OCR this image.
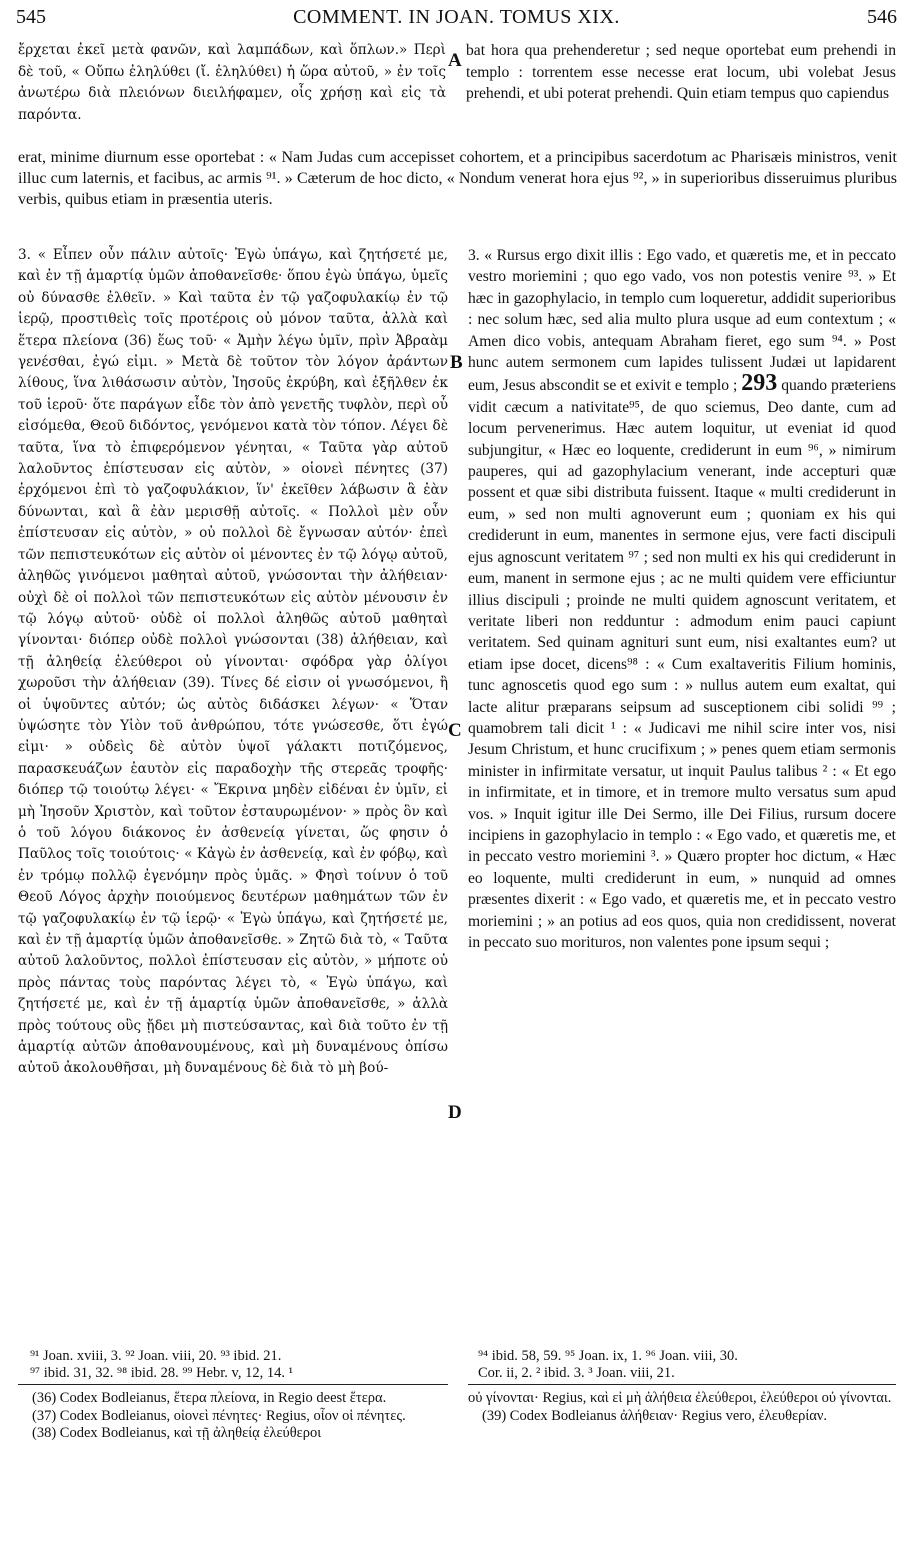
545	COMMENT. IN JOAN. TOMUS XIX.	546
ἔρχεται ἐκεῖ μετὰ φανῶν, καὶ λαμπάδων, καὶ ὅπλων.» Περὶ δὲ τοῦ, « Οὔπω ἐληλύθει (ἴ. ἐληλύθει) ἡ ὥρα αὐτοῦ, » ἐν τοῖς ἀνωτέρω διὰ πλειόνων διειλήφαμεν, οἷς χρήσῃ καὶ εἰς τὰ παρόντα.
bat hora qua prehenderetur ; sed neque oportebat eum prehendi in templo : torrentem esse necesse erat locum, ubi volebat Jesus prehendi, et ubi poterat prehendi. Quin etiam tempus quo capiendus
erat, minime diurnum esse oportebat : « Nam Judas cum accepisset cohortem, et a principibus sacerdotum ac Pharisæis ministros, venit illuc cum laternis, et facibus, ac armis ⁹¹. » Cæterum de hoc dicto, « Nondum venerat hora ejus ⁹², » in superioribus disseruimus pluribus verbis, quibus etiam in præsentia uteris.

3. « Εἶπεν οὖν πάλιν αὐτοῖς· Ἐγὼ ὑπάγω, καὶ ζητήσετέ με, καὶ ἐν τῇ ἁμαρτίᾳ ὑμῶν ἀποθανεῖσθε· ὅπου ἐγὼ ὑπάγω, ὑμεῖς οὐ δύνασθε ἐλθεῖν. » Καὶ ταῦτα ἐν τῷ γαζοφυλακίῳ ἐν τῷ ἱερῷ, προστιθεὶς τοῖς προτέροις οὐ μόνον ταῦτα, ἀλλὰ καὶ ἕτερα πλείονα (36) ἕως τοῦ· « Ἀμὴν λέγω ὑμῖν, πρὶν Ἀβραὰμ γενέσθαι, ἐγώ εἰμι. » Μετὰ δὲ τοῦτον τὸν λόγον ἀράντων λίθους, ἵνα λιθάσωσιν αὐτὸν, Ἰησοῦς ἐκρύβη, καὶ ἐξῆλθεν ἐκ τοῦ ἱεροῦ· ὅτε παράγων εἶδε τὸν ἀπὸ γενετῆς τυφλὸν, περὶ οὗ εἰσόμεθα, Θεοῦ διδόντος, γενόμενοι κατὰ τὸν τόπον. Λέγει δὲ ταῦτα, ἵνα τὸ ἐπιφερόμενον γένηται, « Ταῦτα γὰρ αὐτοῦ λαλοῦντος ἐπίστευσαν εἰς αὐτὸν, » οἱονεὶ πένητες (37) ἐρχόμενοι ἐπὶ τὸ γαζοφυλάκιον, ἵν' ἐκεῖθεν λάβωσιν ἃ ἐὰν δύνωνται, καὶ ἃ ἐὰν μερισθῇ αὐτοῖς. « Πολλοὶ μὲν οὖν ἐπίστευσαν εἰς αὐτὸν, » οὐ πολλοὶ δὲ ἔγνωσαν αὐτόν· ἐπεὶ τῶν πεπιστευκότων εἰς αὐτὸν οἱ μένοντες ἐν τῷ λόγῳ αὐτοῦ, ἀληθῶς γινόμενοι μαθηταὶ αὐτοῦ, γνώσονται τὴν ἀλήθειαν· οὐχὶ δὲ οἱ πολλοὶ τῶν πεπιστευκότων εἰς αὐτὸν μένουσιν ἐν τῷ λόγῳ αὐτοῦ· οὐδὲ οἱ πολλοὶ ἀληθῶς αὐτοῦ μαθηταὶ γίνονται· διόπερ οὐδὲ πολλοὶ γνώσονται (38) ἀλήθειαν, καὶ τῇ ἀληθείᾳ ἐλεύθεροι οὐ γίνονται· σφόδρα γὰρ ὀλίγοι χωροῦσι τὴν ἀλήθειαν (39). Τίνες δέ εἰσιν οἱ γνωσόμενοι, ἢ οἱ ὑψοῦντες αὐτόν; ὡς αὐτὸς διδάσκει λέγων· « Ὅταν ὑψώσητε τὸν Υἱὸν τοῦ ἀνθρώπου, τότε γνώσεσθε, ὅτι ἐγώ εἰμι· » οὐδεὶς δὲ αὐτὸν ὑψοῖ γάλακτι ποτιζόμενος, παρασκευάζων ἑαυτὸν εἰς παραδοχὴν τῆς στερεᾶς τροφῆς· διόπερ τῷ τοιούτῳ λέγει· « Ἔκρινα μηδὲν εἰδέναι ἐν ὑμῖν, εἰ μὴ Ἰησοῦν Χριστὸν, καὶ τοῦτον ἐσταυρωμένον· » πρὸς ὃν καὶ ὁ τοῦ λόγου διάκονος ἐν ἀσθενείᾳ γίνεται, ὥς φησιν ὁ Παῦλος τοῖς τοιούτοις· « Κἀγὼ ἐν ἀσθενείᾳ, καὶ ἐν φόβῳ, καὶ ἐν τρόμῳ πολλῷ ἐγενόμην πρὸς ὑμᾶς. » Φησὶ τοίνυν ὁ τοῦ Θεοῦ Λόγος ἀρχὴν ποιούμενος δευτέρων μαθημάτων τῶν ἐν τῷ γαζοφυλακίῳ ἐν τῷ ἱερῷ· « Ἐγὼ ὑπάγω, καὶ ζητήσετέ με, καὶ ἐν τῇ ἁμαρτίᾳ ὑμῶν ἀποθανεῖσθε. » Ζητῶ διὰ τὸ, « Ταῦτα αὐτοῦ λαλοῦντος, πολλοὶ ἐπίστευσαν εἰς αὐτὸν, » μήποτε οὐ πρὸς πάντας τοὺς παρόντας λέγει τὸ, « Ἐγὼ ὑπάγω, καὶ ζητήσετέ με, καὶ ἐν τῇ ἁμαρτίᾳ ὑμῶν ἀποθανεῖσθε, » ἀλλὰ πρὸς τούτους οὓς ᾔδει μὴ πιστεύσαντας, καὶ διὰ τοῦτο ἐν τῇ ἁμαρτίᾳ αὐτῶν ἀποθανουμένους, καὶ μὴ δυναμένους ὀπίσω αὐτοῦ ἀκολουθῆσαι, μὴ δυναμένους δὲ διὰ τὸ μὴ βού-

3. « Rursus ergo dixit illis : Ego vado, et quæretis me, et in peccato vestro moriemini ; quo ego vado, vos non potestis venire ⁹³. » Et hæc in gazophylacio, in templo cum loqueretur, addidit superioribus : nec solum hæc, sed alia multo plura usque ad eum contextum ; « Amen dico vobis, antequam Abraham fieret, ego sum ⁹⁴. » Post hunc autem sermonem cum lapides tulissent Judæi ut lapidarent eum, Jesus abscondit se et exivit e templo ; 293 quando præteriens vidit cæcum a nativitate⁹⁵, de quo sciemus, Deo dante, cum ad locum pervenerimus. Hæc autem loquitur, ut eveniat id quod subjungitur, « Hæc eo loquente, crediderunt in eum ⁹⁶, » nimirum pauperes, qui ad gazophylacium venerant, inde accepturi quæ possent et quæ sibi distributa fuissent. Itaque « multi crediderunt in eum, » sed non multi agnoverunt eum ; quoniam ex his qui crediderunt in eum, manentes in sermone ejus, vere facti discipuli ejus agnoscunt veritatem ⁹⁷ ; sed non multi ex his qui crediderunt in eum, manent in sermone ejus ; ac ne multi quidem vere efficiuntur illius discipuli ; proinde ne multi quidem agnoscunt veritatem, et veritate liberi non redduntur : admodum enim pauci capiunt veritatem. Sed quinam agnituri sunt eum, nisi exaltantes eum? ut etiam ipse docet, dicens⁹⁸ : « Cum exaltaveritis Filium hominis, tunc agnoscetis quod ego sum : » nullus autem eum exaltat, qui lacte alitur præparans seipsum ad susceptionem cibi solidi ⁹⁹ ; quamobrem tali dicit ¹ : « Judicavi me nihil scire inter vos, nisi Jesum Christum, et hunc crucifixum ; » penes quem etiam sermonis minister in infirmitate versatur, ut inquit Paulus talibus ² : « Et ego in infirmitate, et in timore, et in tremore multo versatus sum apud vos. » Inquit igitur ille Dei Sermo, ille Dei Filius, rursum docere incipiens in gazophylacio in templo : « Ego vado, et quæretis me, et in peccato vestro moriemini ³. » Quæro propter hoc dictum, « Hæc eo loquente, multi crediderunt in eum, » nunquid ad omnes præsentes dixerit : « Ego vado, et quæretis me, et in peccato vestro moriemini ; » an potius ad eos quos, quia non credidissent, noverat in peccato suo morituros, non valentes pone ipsum sequi ;

A
B
C
D
⁹¹ Joan. xviii, 3. ⁹² Joan. viii, 20. ⁹³ ibid. 21.
⁹⁷ ibid. 31, 32. ⁹⁸ ibid. 28. ⁹⁹ Hebr. v, 12, 14. ¹
⁹⁴ ibid. 58, 59. ⁹⁵ Joan. ix, 1. ⁹⁶ Joan. viii, 30.
Cor. ii, 2. ² ibid. 3. ³ Joan. viii, 21.
(36) Codex Bodleianus, ἕτερα πλείονα, in Regio deest ἕτερα.
(37) Codex Bodleianus, οἱονεὶ πένητες· Regius, οἷον οἱ πένητες.
(38) Codex Bodleianus, καὶ τῇ ἀληθείᾳ ἐλεύθεροι
οὐ γίνονται· Regius, καὶ εἰ μὴ ἀλήθεια ἐλεύθεροι, ἐλεύθεροι οὐ γίνονται.
(39) Codex Bodleianus ἀλήθειαν· Regius vero, ἐλευθερίαν.
